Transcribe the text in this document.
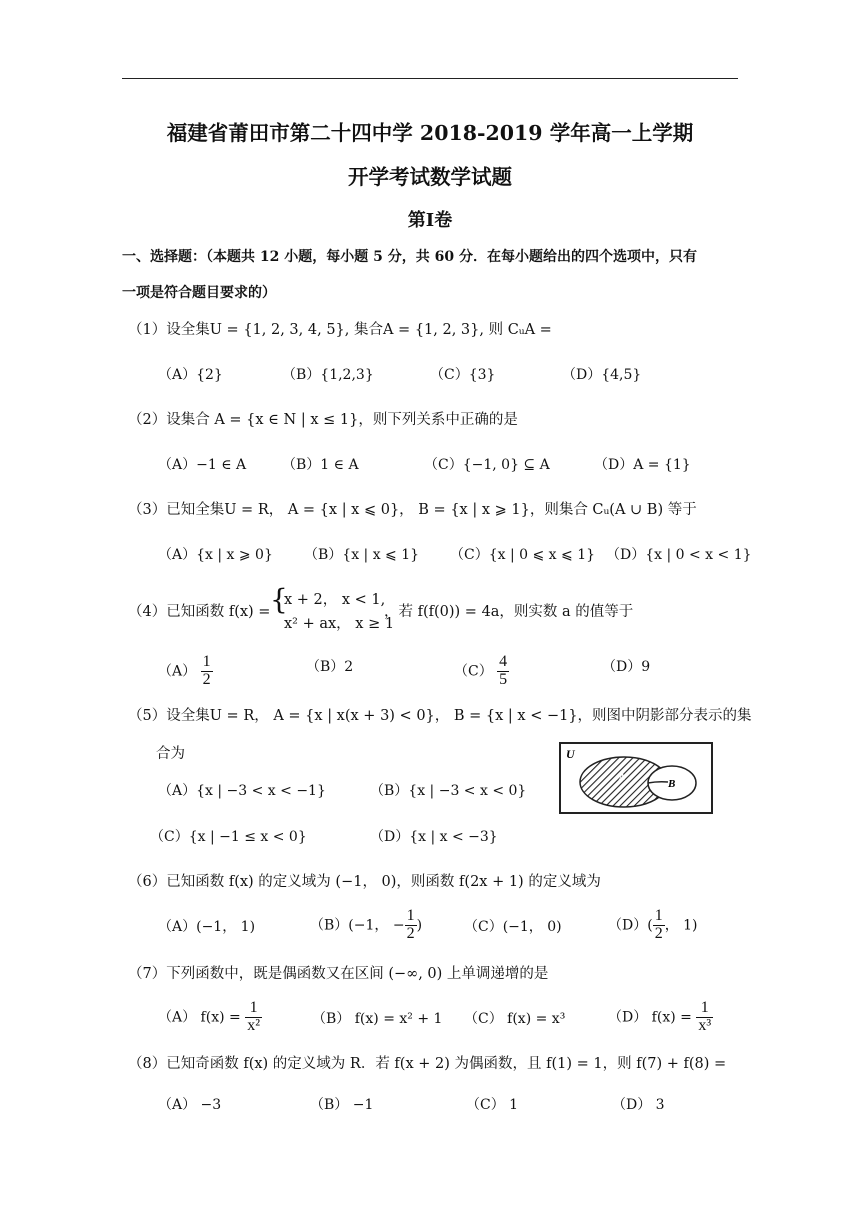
福建省莆田市第二十四中学 2018-2019 学年高一上学期
开学考试数学试题
第Ⅰ卷
一、选择题：（本题共 12 小题，每小题 5 分，共 60 分．在每小题给出的四个选项中，只有
一项是符合题目要求的）
（1）设全集U = {1, 2, 3, 4, 5}, 集合A = {1, 2, 3}, 则 CᵤA =
（A）{2}	（B）{1,2,3}	（C）{3}	（D）{4,5}
（2）设集合 A = {x ∈ N | x ≤ 1}，则下列关系中正确的是
（A）−1 ∈ A	（B）1 ∈ A	（C）{−1, 0} ⊆ A	（D）A = {1}
（3）已知全集U = R， A = {x | x ⩽ 0}， B = {x | x ⩾ 1}，则集合 Cᵤ(A ∪ B) 等于
（A）{x | x ⩾ 0} （B）{x | x ⩽ 1} （C）{x | 0 ⩽ x ⩽ 1} （D）{x | 0 < x < 1}
（4）已知函数 f(x) = {
x + 2， x < 1,
x² + ax， x ≥ 1
，若 f(f(0)) = 4a，则实数 a 的值等于
$(A) \frac{1}{2}$	（B）2	$(C) \frac{4}{5}$	（D）9
（5）设全集U = R， A = {x | x(x + 3) < 0}， B = {x | x < −1}，则图中阴影部分表示的集
合为
（A）{x | −3 < x < −1}	（B）{x | −3 < x < 0}
（C）{x | −1 ≤ x < 0}	（D）{x | x < −3}
U
A
B
（6）已知函数 f(x) 的定义域为 (−1， 0)，则函数 f(2x + 1) 的定义域为
（A）(−1， 1)	（B）(−1， − $\frac{1}{2}$ )	（C）(−1， 0)	$(D)( \frac{1}{2}$ ， 1)
（7）下列函数中，既是偶函数又在区间 (−∞, 0) 上单调递增的是
（A） $f(x) = \frac{1}{\text{x²}}$	（B） f(x) = x² + 1 （C） f(x) = x³	（D） $f(x) = \frac{1}{\text{x³}}$
（8）已知奇函数 f(x) 的定义域为 R．若 f(x + 2) 为偶函数，且 f(1) = 1，则 f(7) + f(8) =
（A） −3	（B） −1	（C） 1	（D） 3
